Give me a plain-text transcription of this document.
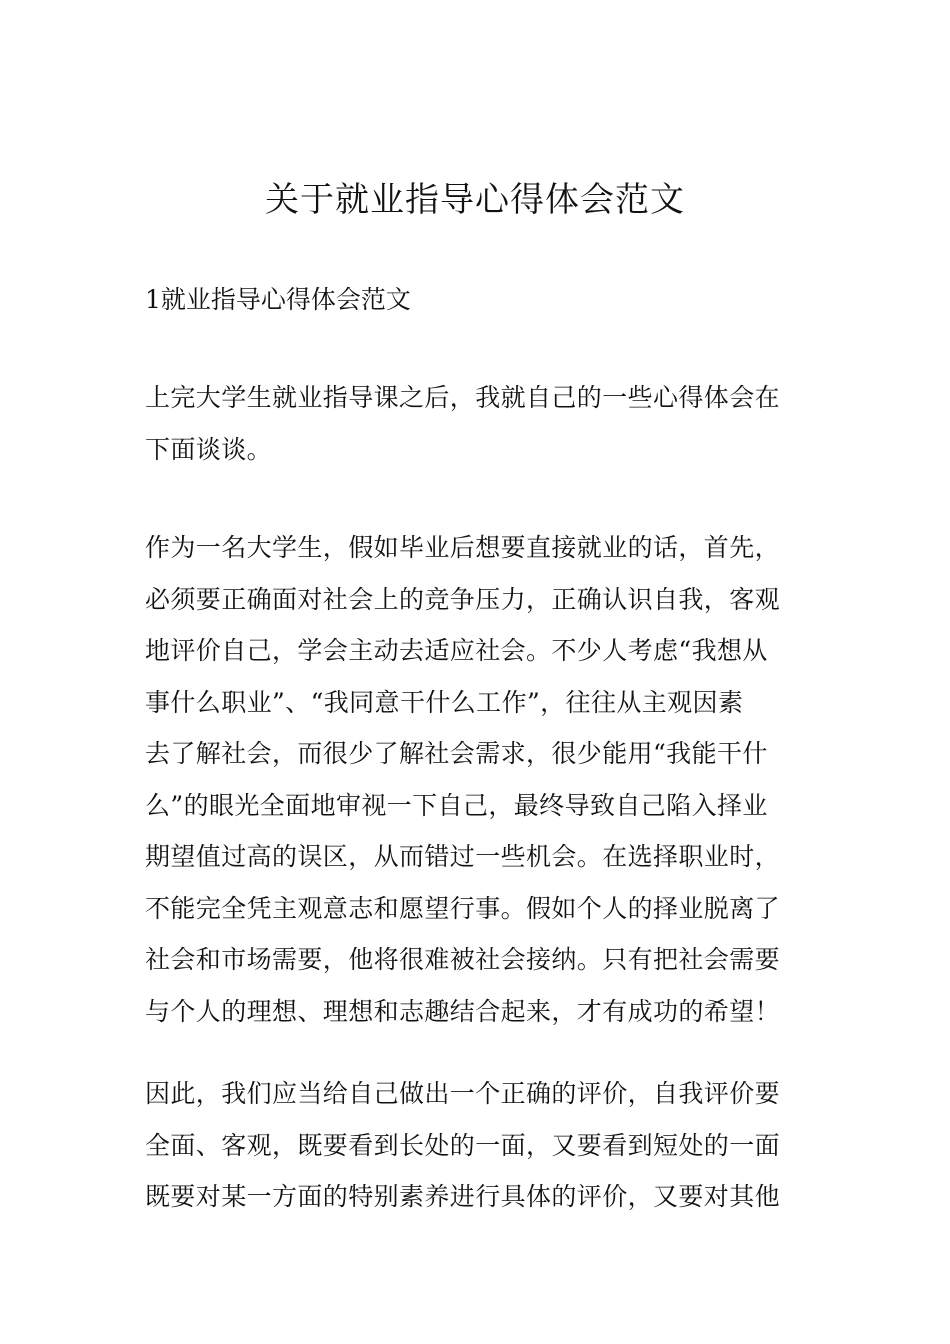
关于就业指导心得体会范文
1就业指导心得体会范文

上完大学生就业指导课之后，我就自己的一些心得体会在
下面谈谈。

作为一名大学生，假如毕业后想要直接就业的话，首先，
必须要正确面对社会上的竞争压力，正确认识自我，客观
地评价自己，学会主动去适应社会。不少人考虑“我想从
事什么职业”、“我同意干什么工作”，往往从主观因素
去了解社会，而很少了解社会需求，很少能用“我能干什
么”的眼光全面地审视一下自己，最终导致自己陷入择业
期望值过高的误区，从而错过一些机会。在选择职业时，
不能完全凭主观意志和愿望行事。假如个人的择业脱离了
社会和市场需要，他将很难被社会接纳。只有把社会需要
与个人的理想、理想和志趣结合起来，才有成功的希望！

因此，我们应当给自己做出一个正确的评价，自我评价要
全面、客观，既要看到长处的一面，又要看到短处的一面
既要对某一方面的特别素养进行具体的评价，又要对其他
